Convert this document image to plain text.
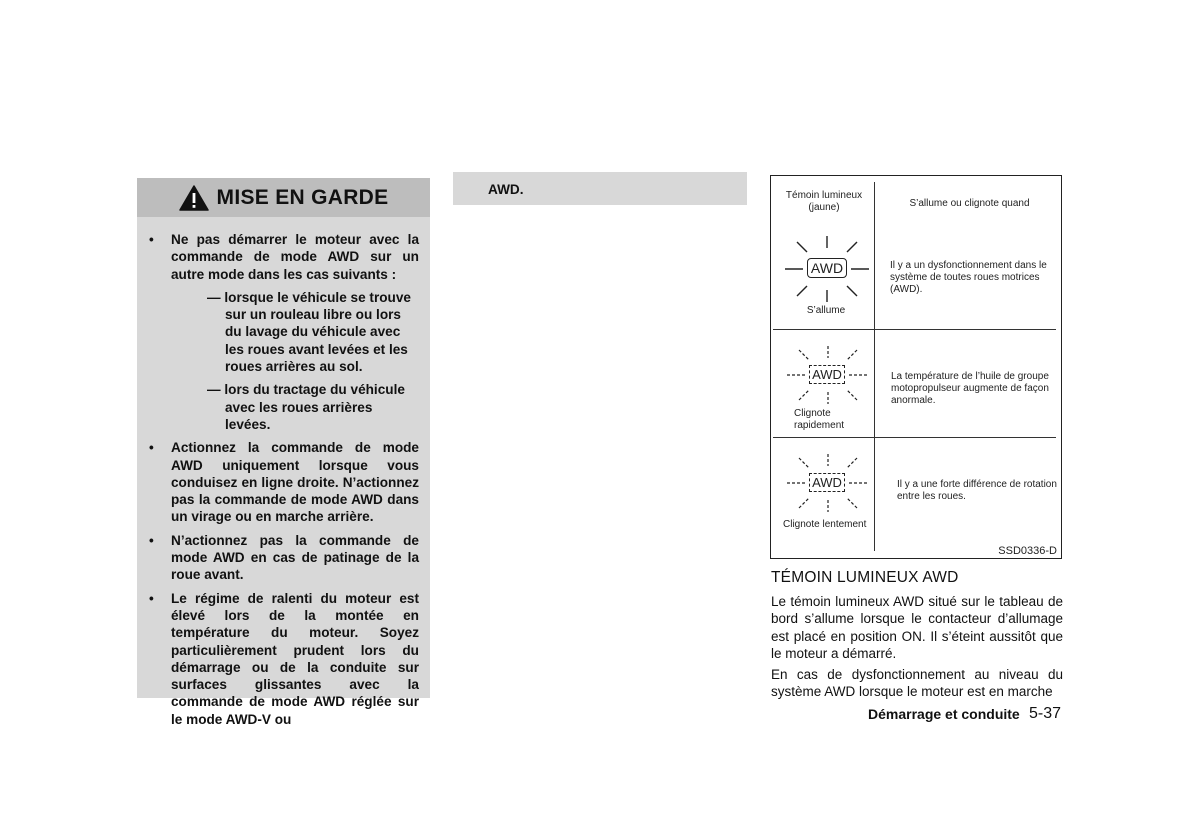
MISE EN GARDE
• Ne pas démarrer le moteur avec la commande de mode AWD sur un autre mode dans les cas suivants :
— lorsque le véhicule se trouve sur un rouleau libre ou lors du lavage du véhicule avec les roues avant levées et les roues arrières au sol.
— lors du tractage du véhicule avec les roues arrières levées.
• Actionnez la commande de mode AWD uniquement lorsque vous conduisez en ligne droite. N’actionnez pas la commande de mode AWD dans un virage ou en marche arrière.
• N’actionnez pas la commande de mode AWD en cas de patinage de la roue avant.
• Le régime de ralenti du moteur est élevé lors de la montée en température du moteur. Soyez particulièrement prudent lors du démarrage ou de la conduite sur surfaces glissantes avec la commande de mode AWD réglée sur le mode AWD-V ou
AWD.	Témoin lumineux (jaune)	S’allume ou clignote quand
AWD
S’allume
Il y a un dysfonctionnement dans le système de toutes roues motrices (AWD).
AWD
Clignote rapidement
La température de l’huile de groupe motopropulseur augmente de façon anormale.
AWD
Clignote lentement
Il y a une forte différence de rotation entre les roues.
SSD0336-D
TÉMOIN LUMINEUX AWD
Le témoin lumineux AWD situé sur le tableau de bord s’allume lorsque le contacteur d’allumage est placé en position ON. Il s’éteint aussitôt que le moteur a démarré.
En cas de dysfonctionnement au niveau du système AWD lorsque le moteur est en marche
Démarrage et conduite 5-37
